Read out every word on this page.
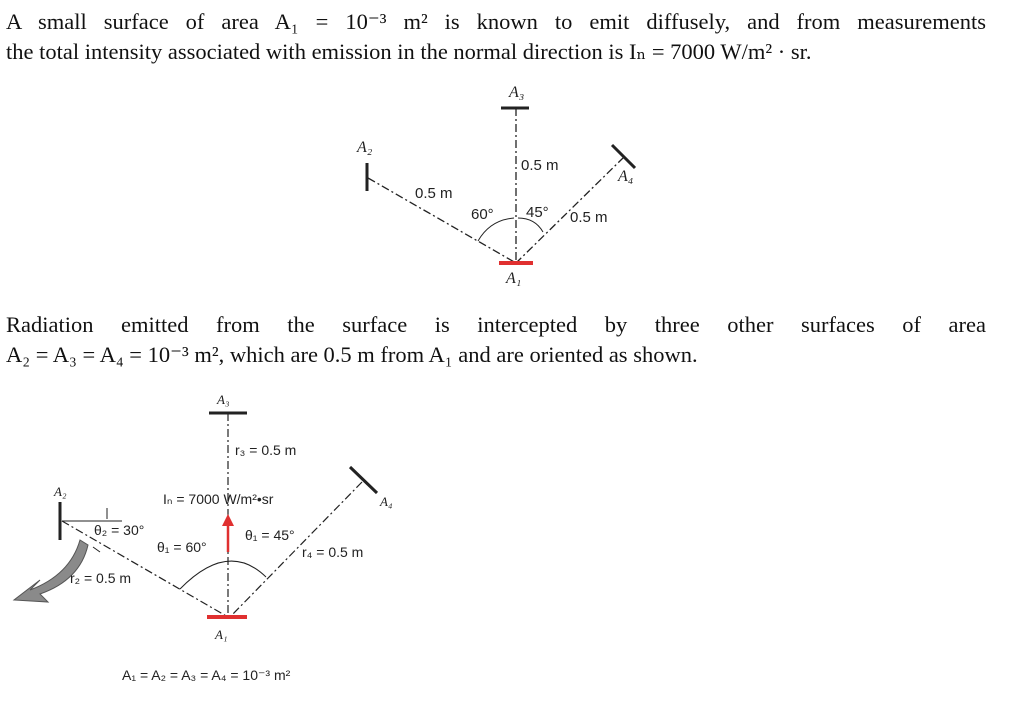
A small surface of area A₁ = 10⁻³ m² is known to emit diffusely, and from measurements
the total intensity associated with emission in the normal direction is Iₙ = 7000 W/m² · sr.
A₃
A₂
A₄
A₁
0.5 m
0.5 m
0.5 m
60° 45°
Radiation emitted from the surface is intercepted by three other surfaces of area
A₂ = A₃ = A₄ = 10⁻³ m², which are 0.5 m from A₁ and are oriented as shown.
A₃
r₃ = 0.5 m
Iₙ = 7000 W/m²•sr
A₂
A₄
θ₂ = 30°
θ₁ = 60°
θ₁ = 45°
r₄ = 0.5 m
r₂ = 0.5 m
A₁
A₁ = A₂ = A₃ = A₄ = 10⁻³ m²
